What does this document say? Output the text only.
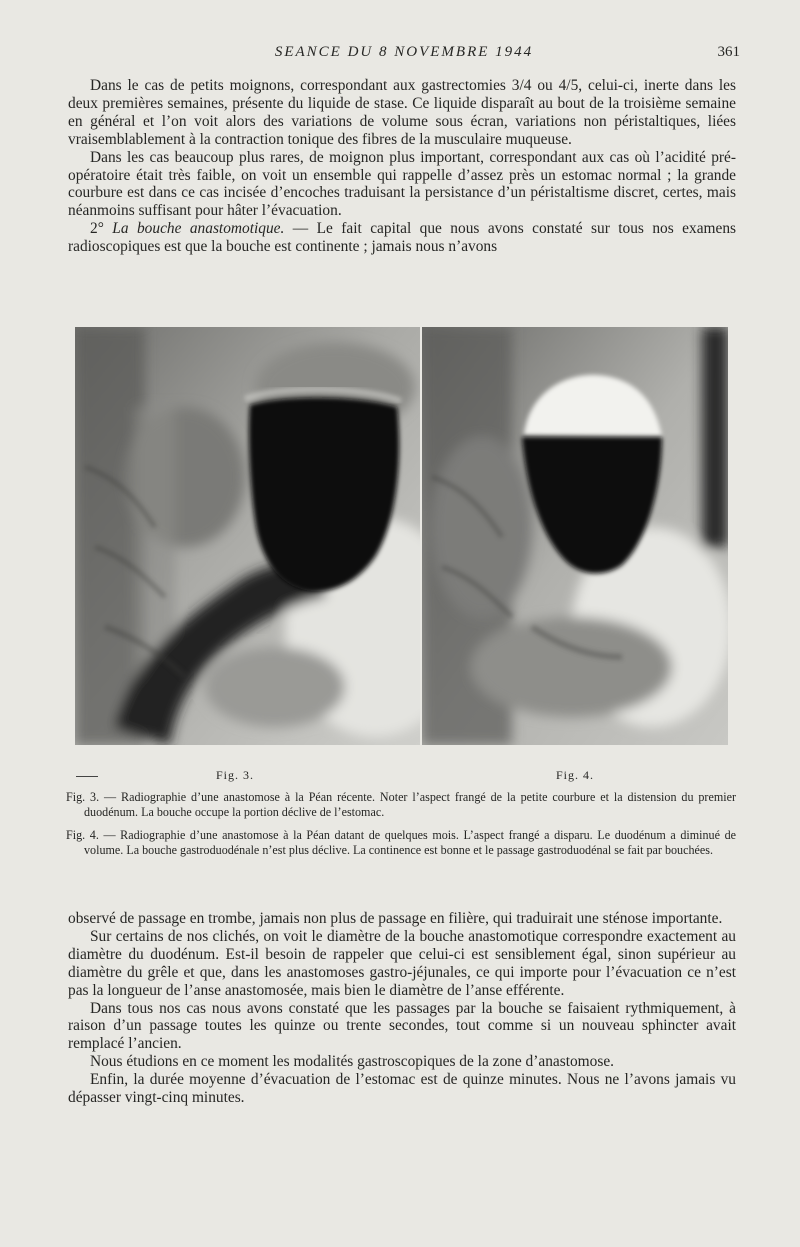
SEANCE DU 8 NOVEMBRE 1944	361

Dans le cas de petits moignons, correspondant aux gastrectomies 3/4 ou 4/5, celui-ci, inerte dans les deux premières semaines, présente du liquide de stase. Ce liquide disparaît au bout de la troisième semaine en général et l’on voit alors des variations de volume sous écran, variations non péristaltiques, liées vraisemblablement à la contraction tonique des fibres de la musculaire muqueuse.

Dans les cas beaucoup plus rares, de moignon plus important, correspondant aux cas où l’acidité pré-opératoire était très faible, on voit un ensemble qui rappelle d’assez près un estomac normal ; la grande courbure est dans ce cas incisée d’encoches traduisant la persistance d’un péristaltisme discret, certes, mais néanmoins suffisant pour hâter l’évacuation.

2° La bouche anastomotique. — Le fait capital que nous avons constaté sur tous nos examens radioscopiques est que la bouche est continente ; jamais nous n’avons

Fig. 3.	Fig. 4.

Fig. 3. — Radiographie d’une anastomose à la Péan récente. Noter l’aspect frangé de la petite courbure et la distension du premier duodénum. La bouche occupe la portion déclive de l’estomac.

Fig. 4. — Radiographie d’une anastomose à la Péan datant de quelques mois. L’aspect frangé a disparu. Le duodénum a diminué de volume. La bouche gastroduodénale n’est plus déclive. La continence est bonne et le passage gastroduodénal se fait par bouchées.

observé de passage en trombe, jamais non plus de passage en filière, qui traduirait une sténose importante.

Sur certains de nos clichés, on voit le diamètre de la bouche anastomotique correspondre exactement au diamètre du duodénum. Est-il besoin de rappeler que celui-ci est sensiblement égal, sinon supérieur au diamètre du grêle et que, dans les anastomoses gastro-jéjunales, ce qui importe pour l’évacuation ce n’est pas la longueur de l’anse anastomosée, mais bien le diamètre de l’anse efférente.

Dans tous nos cas nous avons constaté que les passages par la bouche se faisaient rythmiquement, à raison d’un passage toutes les quinze ou trente secondes, tout comme si un nouveau sphincter avait remplacé l’ancien.

Nous étudions en ce moment les modalités gastroscopiques de la zone d’anastomose.

Enfin, la durée moyenne d’évacuation de l’estomac est de quinze minutes. Nous ne l’avons jamais vu dépasser vingt-cinq minutes.
